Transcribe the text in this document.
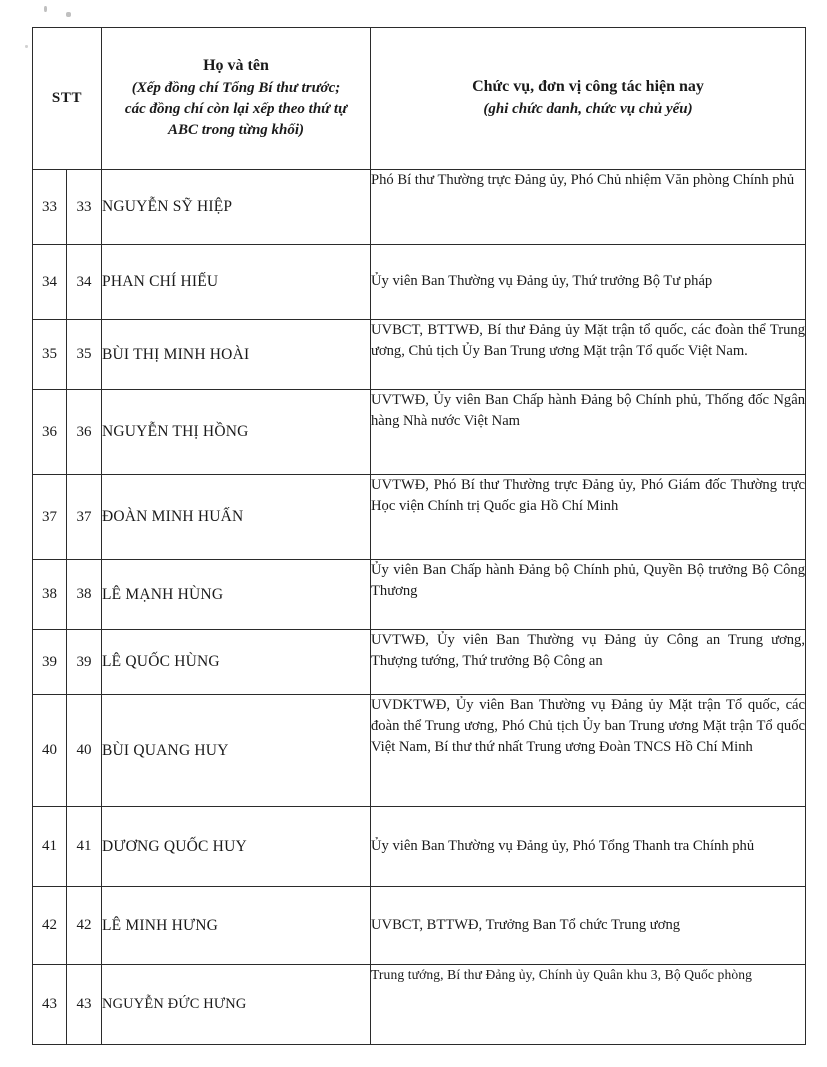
STT

Họ và tên
(Xếp đồng chí Tổng Bí thư trước;
các đồng chí còn lại xếp theo thứ tự
ABC trong từng khối)

Chức vụ, đơn vị công tác hiện nay
(ghi chức danh, chức vụ chủ yếu)

33	33	NGUYỄN SỸ HIỆP	Phó Bí thư Thường trực Đảng ủy, Phó Chủ nhiệm Văn phòng Chính phủ
34	34	PHAN CHÍ HIẾU	Ủy viên Ban Thường vụ Đảng ủy, Thứ trưởng Bộ Tư pháp
35	35	BÙI THỊ MINH HOÀI	UVBCT, BTTWĐ, Bí thư Đảng ủy Mặt trận tổ quốc, các đoàn thể Trung ương, Chủ tịch Ủy Ban Trung ương Mặt trận Tổ quốc Việt Nam.
36	36	NGUYỄN THỊ HỒNG	UVTWĐ, Ủy viên Ban Chấp hành Đảng bộ Chính phủ, Thống đốc Ngân hàng Nhà nước Việt Nam
37	37	ĐOÀN MINH HUẤN	UVTWĐ, Phó Bí thư Thường trực Đảng ủy, Phó Giám đốc Thường trực Học viện Chính trị Quốc gia Hồ Chí Minh
38	38	LÊ MẠNH HÙNG	Ủy viên Ban Chấp hành Đảng bộ Chính phủ, Quyền Bộ trưởng Bộ Công Thương
39	39	LÊ QUỐC HÙNG	UVTWĐ, Ủy viên Ban Thường vụ Đảng ủy Công an Trung ương, Thượng tướng, Thứ trưởng Bộ Công an
40	40	BÙI QUANG HUY	UVDKTWĐ, Ủy viên Ban Thường vụ Đảng ủy Mặt trận Tổ quốc, các đoàn thể Trung ương, Phó Chủ tịch Ủy ban Trung ương Mặt trận Tổ quốc Việt Nam, Bí thư thứ nhất Trung ương Đoàn TNCS Hồ Chí Minh
41	41	DƯƠNG QUỐC HUY	Ủy viên Ban Thường vụ Đảng ủy, Phó Tổng Thanh tra Chính phủ
42	42	LÊ MINH HƯNG	UVBCT, BTTWĐ, Trưởng Ban Tổ chức Trung ương
43	43	NGUYỄN ĐỨC HƯNG	Trung tướng, Bí thư Đảng ủy, Chính ủy Quân khu 3, Bộ Quốc phòng
